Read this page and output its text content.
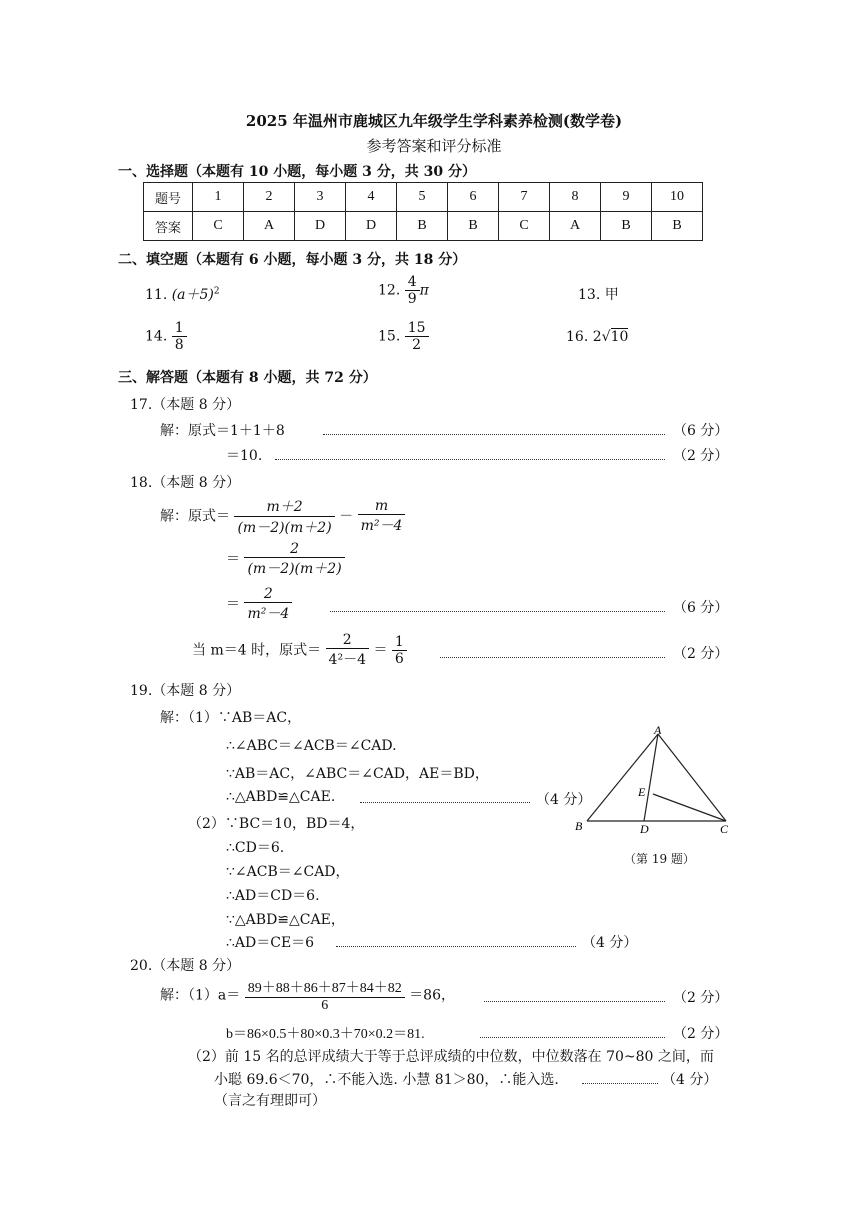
2025 年温州市鹿城区九年级学生学科素养检测(数学卷)
参考答案和评分标准
一、选择题（本题有 10 小题，每小题 3 分，共 30 分）
题号	1	2	3	4	5	6	7	8	9	10
答案	C	A	D	D	B	B	C	A	B	B
二、填空题（本题有 6 小题，每小题 3 分，共 18 分）
11. $(a+5)^2$	12. $\frac{4}{9}$ π	13. 甲
14. $\frac{1}{8}$	15. $\frac{15}{2}$	16. 2√10
三、解答题（本题有 8 小题，共 72 分）
17.（本题 8 分）
解：原式＝1＋1＋8	（6 分）
＝10.	（2 分）
18.（本题 8 分）
解：原式＝ $\frac{m+2}{(m-2)(m+2)} - \frac{m}{\text{m²－4}}$
＝ $\frac{2}{(m-2)(m+2)}$
＝ $\frac{2}{\text{m²－4}}$	（6 分）
当 m＝4 时，原式＝ $\frac{2}{\text{4²－4}} = \frac{1}{6}$	（2 分）
19.（本题 8 分）
解：（1）∵AB＝AC，
∴∠ABC＝∠ACB＝∠CAD.
∵AB＝AC，∠ABC＝∠CAD，AE＝BD，
∴△ABD≌△CAE.	（4 分）
（2）∵BC＝10，BD＝4，
∴CD＝6.
∵∠ACB＝∠CAD，
∴AD＝CD＝6.
∵△ABD≌△CAE，
∴AD＝CE＝6	（4 分）
A
B	C
D
E
（第 19 题）
20.（本题 8 分）
解：$(1)a= \frac{89+88+86+87+84+82}{6} =86$，	（2 分）
b＝86×0.5＋80×0.3＋70×0.2＝81.	（2 分）
（2）前 15 名的总评成绩大于等于总评成绩的中位数，中位数落在 70~80 之间，而
小聪 69.6＜70，∴不能入选. 小慧 81＞80，∴能入选.	（4 分）
（言之有理即可）
